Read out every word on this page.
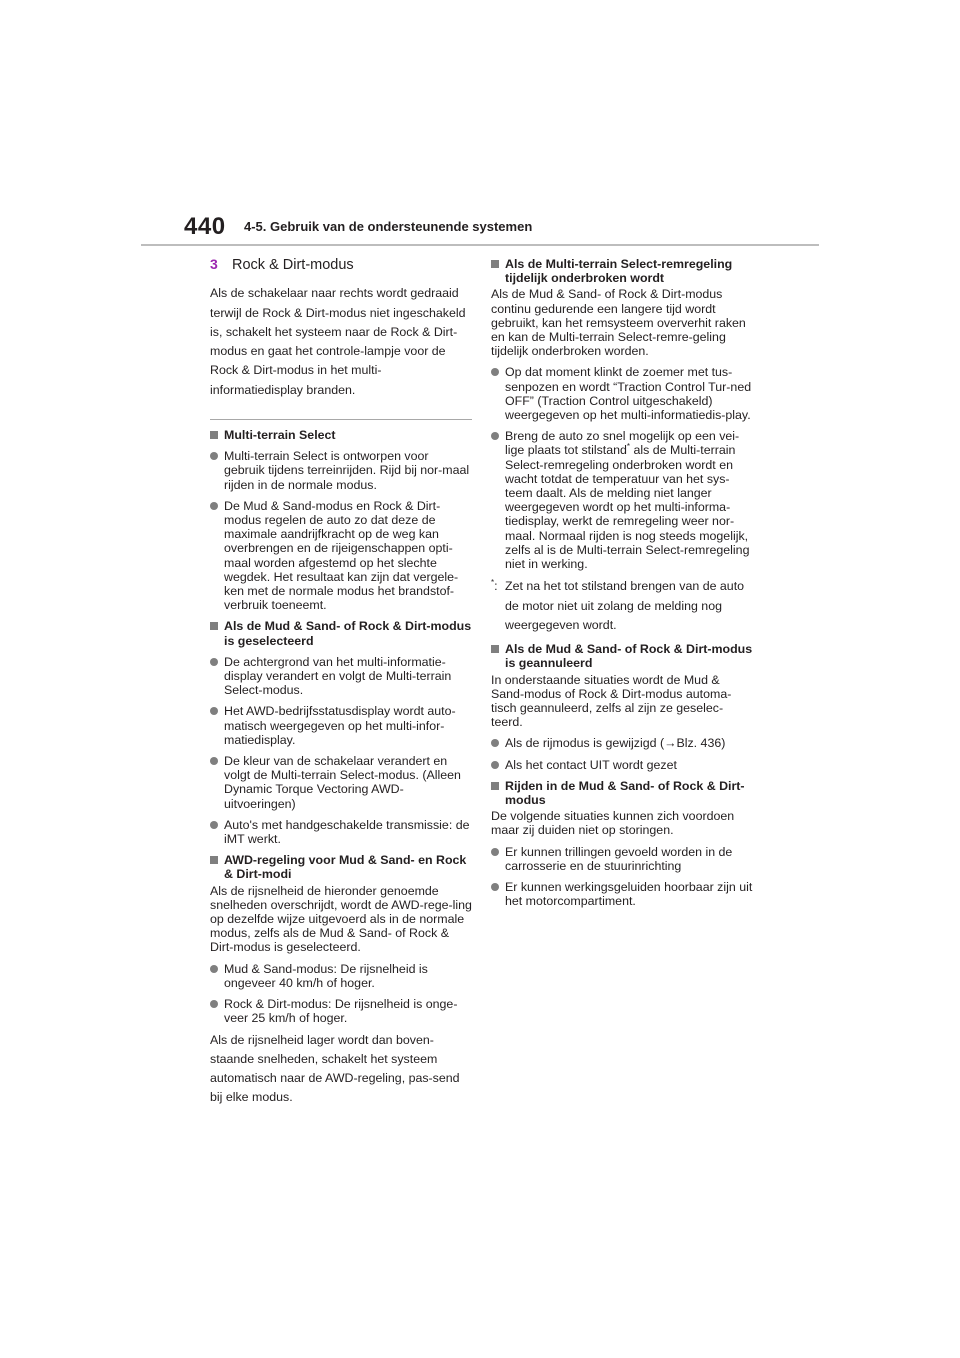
440 4-5. Gebruik van de ondersteunende systemen
3 Rock & Dirt-modus

Als de schakelaar naar rechts wordt gedraaid terwijl de Rock & Dirt-modus niet ingeschakeld is, schakelt het systeem naar de Rock & Dirt-modus en gaat het controle-lampje voor de Rock & Dirt-modus in het multi-informatiedisplay branden.

Multi-terrain Select
Multi-terrain Select is ontworpen voor gebruik tijdens terreinrijden. Rijd bij nor-maal rijden in de normale modus.
De Mud & Sand-modus en Rock & Dirt-modus regelen de auto zo dat deze de maximale aandrijfkracht op de weg kan overbrengen en de rijeigenschappen opti-maal worden afgestemd op het slechte wegdek. Het resultaat kan zijn dat vergele-ken met de normale modus het brandstof-verbruik toeneemt.
Als de Mud & Sand- of Rock & Dirt-modus is geselecteerd
De achtergrond van het multi-informatie-display verandert en volgt de Multi-terrain Select-modus.
Het AWD-bedrijfsstatusdisplay wordt auto-matisch weergegeven op het multi-infor-matiedisplay.
De kleur van de schakelaar verandert en volgt de Multi-terrain Select-modus. (Alleen Dynamic Torque Vectoring AWD-uitvoeringen)
Auto's met handgeschakelde transmissie: de iMT werkt.
AWD-regeling voor Mud & Sand- en Rock & Dirt-modi
Als de rijsnelheid de hieronder genoemde snelheden overschrijdt, wordt de AWD-rege-ling op dezelfde wijze uitgevoerd als in de normale modus, zelfs als de Mud & Sand- of Rock & Dirt-modus is geselecteerd.
Mud & Sand-modus: De rijsnelheid is ongeveer 40 km/h of hoger.
Rock & Dirt-modus: De rijsnelheid is onge-veer 25 km/h of hoger.
Als de rijsnelheid lager wordt dan boven-staande snelheden, schakelt het systeem automatisch naar de AWD-regeling, pas-send bij elke modus.
Als de Multi-terrain Select-remregeling tijdelijk onderbroken wordt
Als de Mud & Sand- of Rock & Dirt-modus continu gedurende een langere tijd wordt gebruikt, kan het remsysteem oververhit raken en kan de Multi-terrain Select-remre-geling tijdelijk onderbroken worden.
Op dat moment klinkt de zoemer met tus-senpozen en wordt “Traction Control Tur-ned OFF” (Traction Control uitgeschakeld) weergegeven op het multi-informatiedis-play.
Breng de auto zo snel mogelijk op een vei-lige plaats tot stilstand* als de Multi-terrain Select-remregeling onderbroken wordt en wacht totdat de temperatuur van het sys-teem daalt. Als de melding niet langer weergegeven wordt op het multi-informa-tiedisplay, werkt de remregeling weer nor-maal. Normaal rijden is nog steeds mogelijk, zelfs al is de Multi-terrain Select-remregeling niet in werking.
*: Zet na het tot stilstand brengen van de auto de motor niet uit zolang de melding nog weergegeven wordt.
Als de Mud & Sand- of Rock & Dirt-modus is geannuleerd
In onderstaande situaties wordt de Mud & Sand-modus of Rock & Dirt-modus automa-tisch geannuleerd, zelfs al zijn ze geselec-teerd.
Als de rijmodus is gewijzigd (→Blz. 436)
Als het contact UIT wordt gezet
Rijden in de Mud & Sand- of Rock & Dirt-modus
De volgende situaties kunnen zich voordoen maar zij duiden niet op storingen.
Er kunnen trillingen gevoeld worden in de carrosserie en de stuurinrichting
Er kunnen werkingsgeluiden hoorbaar zijn uit het motorcompartiment.
